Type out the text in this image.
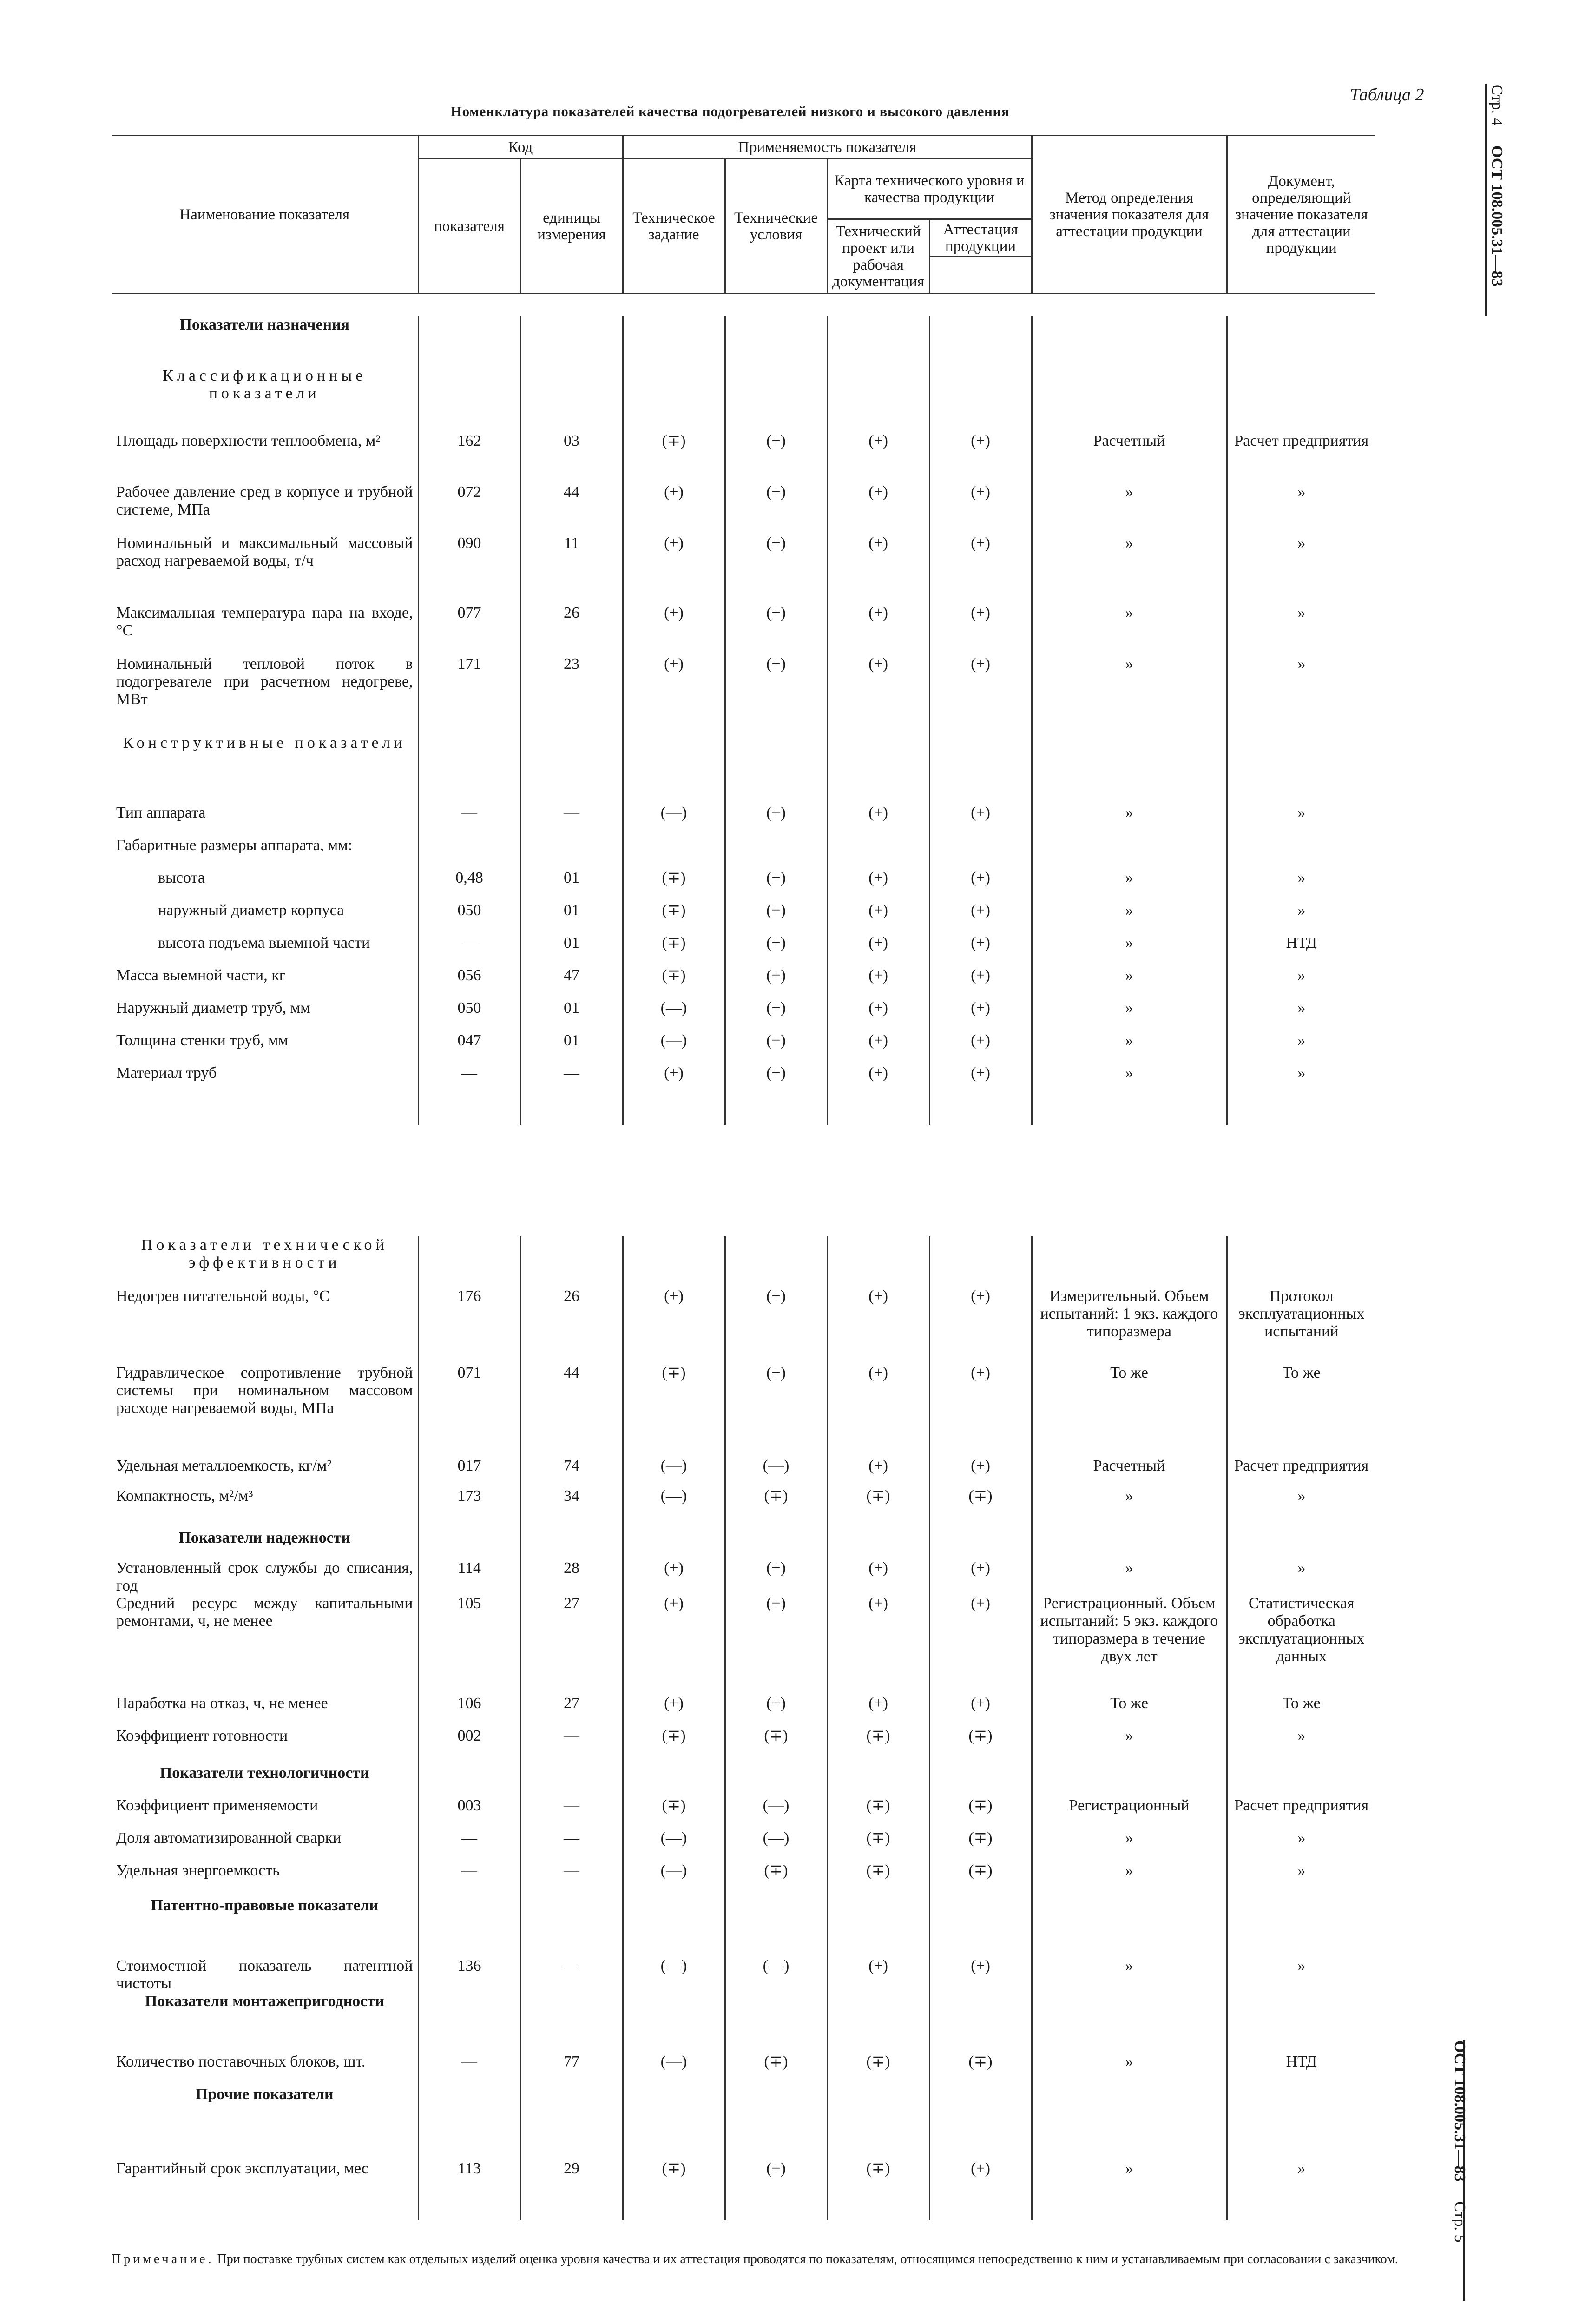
Номенклатура показателей качества подогревателей низкого и высокого давления
Таблица 2	Стр. 4     ОСТ 108.005.31—83
ОСТ 108.005.31—83     Стр. 5
Наименование показателя	Код		Применяемость показателя				Метод определения значения показателя для аттестации продукции	Документ, определяющий значение показателя для аттестации продукции
	показателя	единицы измерения	Техническое задание	Технические условия	Карта технического уровня и качества продукции			
					Технический проект или рабочая документация	Аттестация продукции		

Показатели назначения								
Классификационные показатели								
Площадь поверхности теплообмена, м²	162	03	(∓)	(+)	(+)	(+)	Расчетный	Расчет предприятия
Рабочее давление сред в корпусе и трубной системе, МПа	072	44	(+)	(+)	(+)	(+)	»	»
Номинальный и максимальный массовый расход нагреваемой воды, т/ч	090	11	(+)	(+)	(+)	(+)	»	»
Максимальная температура пара на входе, °С	077	26	(+)	(+)	(+)	(+)	»	»
Номинальный тепловой поток в подогревателе при расчетном недогреве, МВт	171	23	(+)	(+)	(+)	(+)	»	»
Конструктивные показатели								
Тип аппарата	—	—	(—)	(+)	(+)	(+)	»	»
Габаритные размеры аппарата, мм:								
высота	0,48	01	(∓)	(+)	(+)	(+)	»	»
наружный диаметр корпуса	050	01	(∓)	(+)	(+)	(+)	»	»
высота подъема выемной части	—	01	(∓)	(+)	(+)	(+)	»	НТД
Масса выемной части, кг	056	47	(∓)	(+)	(+)	(+)	»	»
Наружный диаметр труб, мм	050	01	(—)	(+)	(+)	(+)	»	»
Толщина стенки труб, мм	047	01	(—)	(+)	(+)	(+)	»	»
Материал труб	—	—	(+)	(+)	(+)	(+)	»	»

Показатели технической эффективности								
Недогрев питательной воды, °С	176	26	(+)	(+)	(+)	(+)	Измерительный. Объем испытаний: 1 экз. каждого типоразмера	Протокол эксплуатационных испытаний
Гидравлическое сопротивление трубной системы при номинальном массовом расходе нагреваемой воды, МПа	071	44	(∓)	(+)	(+)	(+)	То же	То же
Удельная металлоемкость, кг/м²	017	74	(—)	(—)	(+)	(+)	Расчетный	Расчет предприятия
Компактность, м²/м³	173	34	(—)	(∓)	(∓)	(∓)	»	»
Показатели надежности								
Установленный срок службы до списания, год	114	28	(+)	(+)	(+)	(+)	»	»
Средний ресурс между капитальными ремонтами, ч, не менее	105	27	(+)	(+)	(+)	(+)	Регистрационный. Объем испытаний: 5 экз. каждого типоразмера в течение двух лет	Статистическая обработка эксплуатационных данных
Наработка на отказ, ч, не менее	106	27	(+)	(+)	(+)	(+)	То же	То же
Коэффициент готовности	002	—	(∓)	(∓)	(∓)	(∓)	»	»
Показатели технологичности								
Коэффициент применяемости	003	—	(∓)	(—)	(∓)	(∓)	Регистрационный	Расчет предприятия
Доля автоматизированной сварки	—	—	(—)	(—)	(∓)	(∓)	»	»
Удельная энергоемкость	—	—	(—)	(∓)	(∓)	(∓)	»	»
Патентно-правовые показатели								
Стоимостной показатель патентной чистоты	136	—	(—)	(—)	(+)	(+)	»	»
Показатели монтажепригодности								
Количество поставочных блоков, шт.	—	77	(—)	(∓)	(∓)	(∓)	»	НТД
Прочие показатели								
Гарантийный срок эксплуатации, мес	113	29	(∓)	(+)	(∓)	(+)	»	»

Примечание. При поставке трубных систем как отдельных изделий оценка уровня качества и их аттестация проводятся по показателям, относящимся непосредственно к ним и устанавливаемым при согласовании с заказчиком.
